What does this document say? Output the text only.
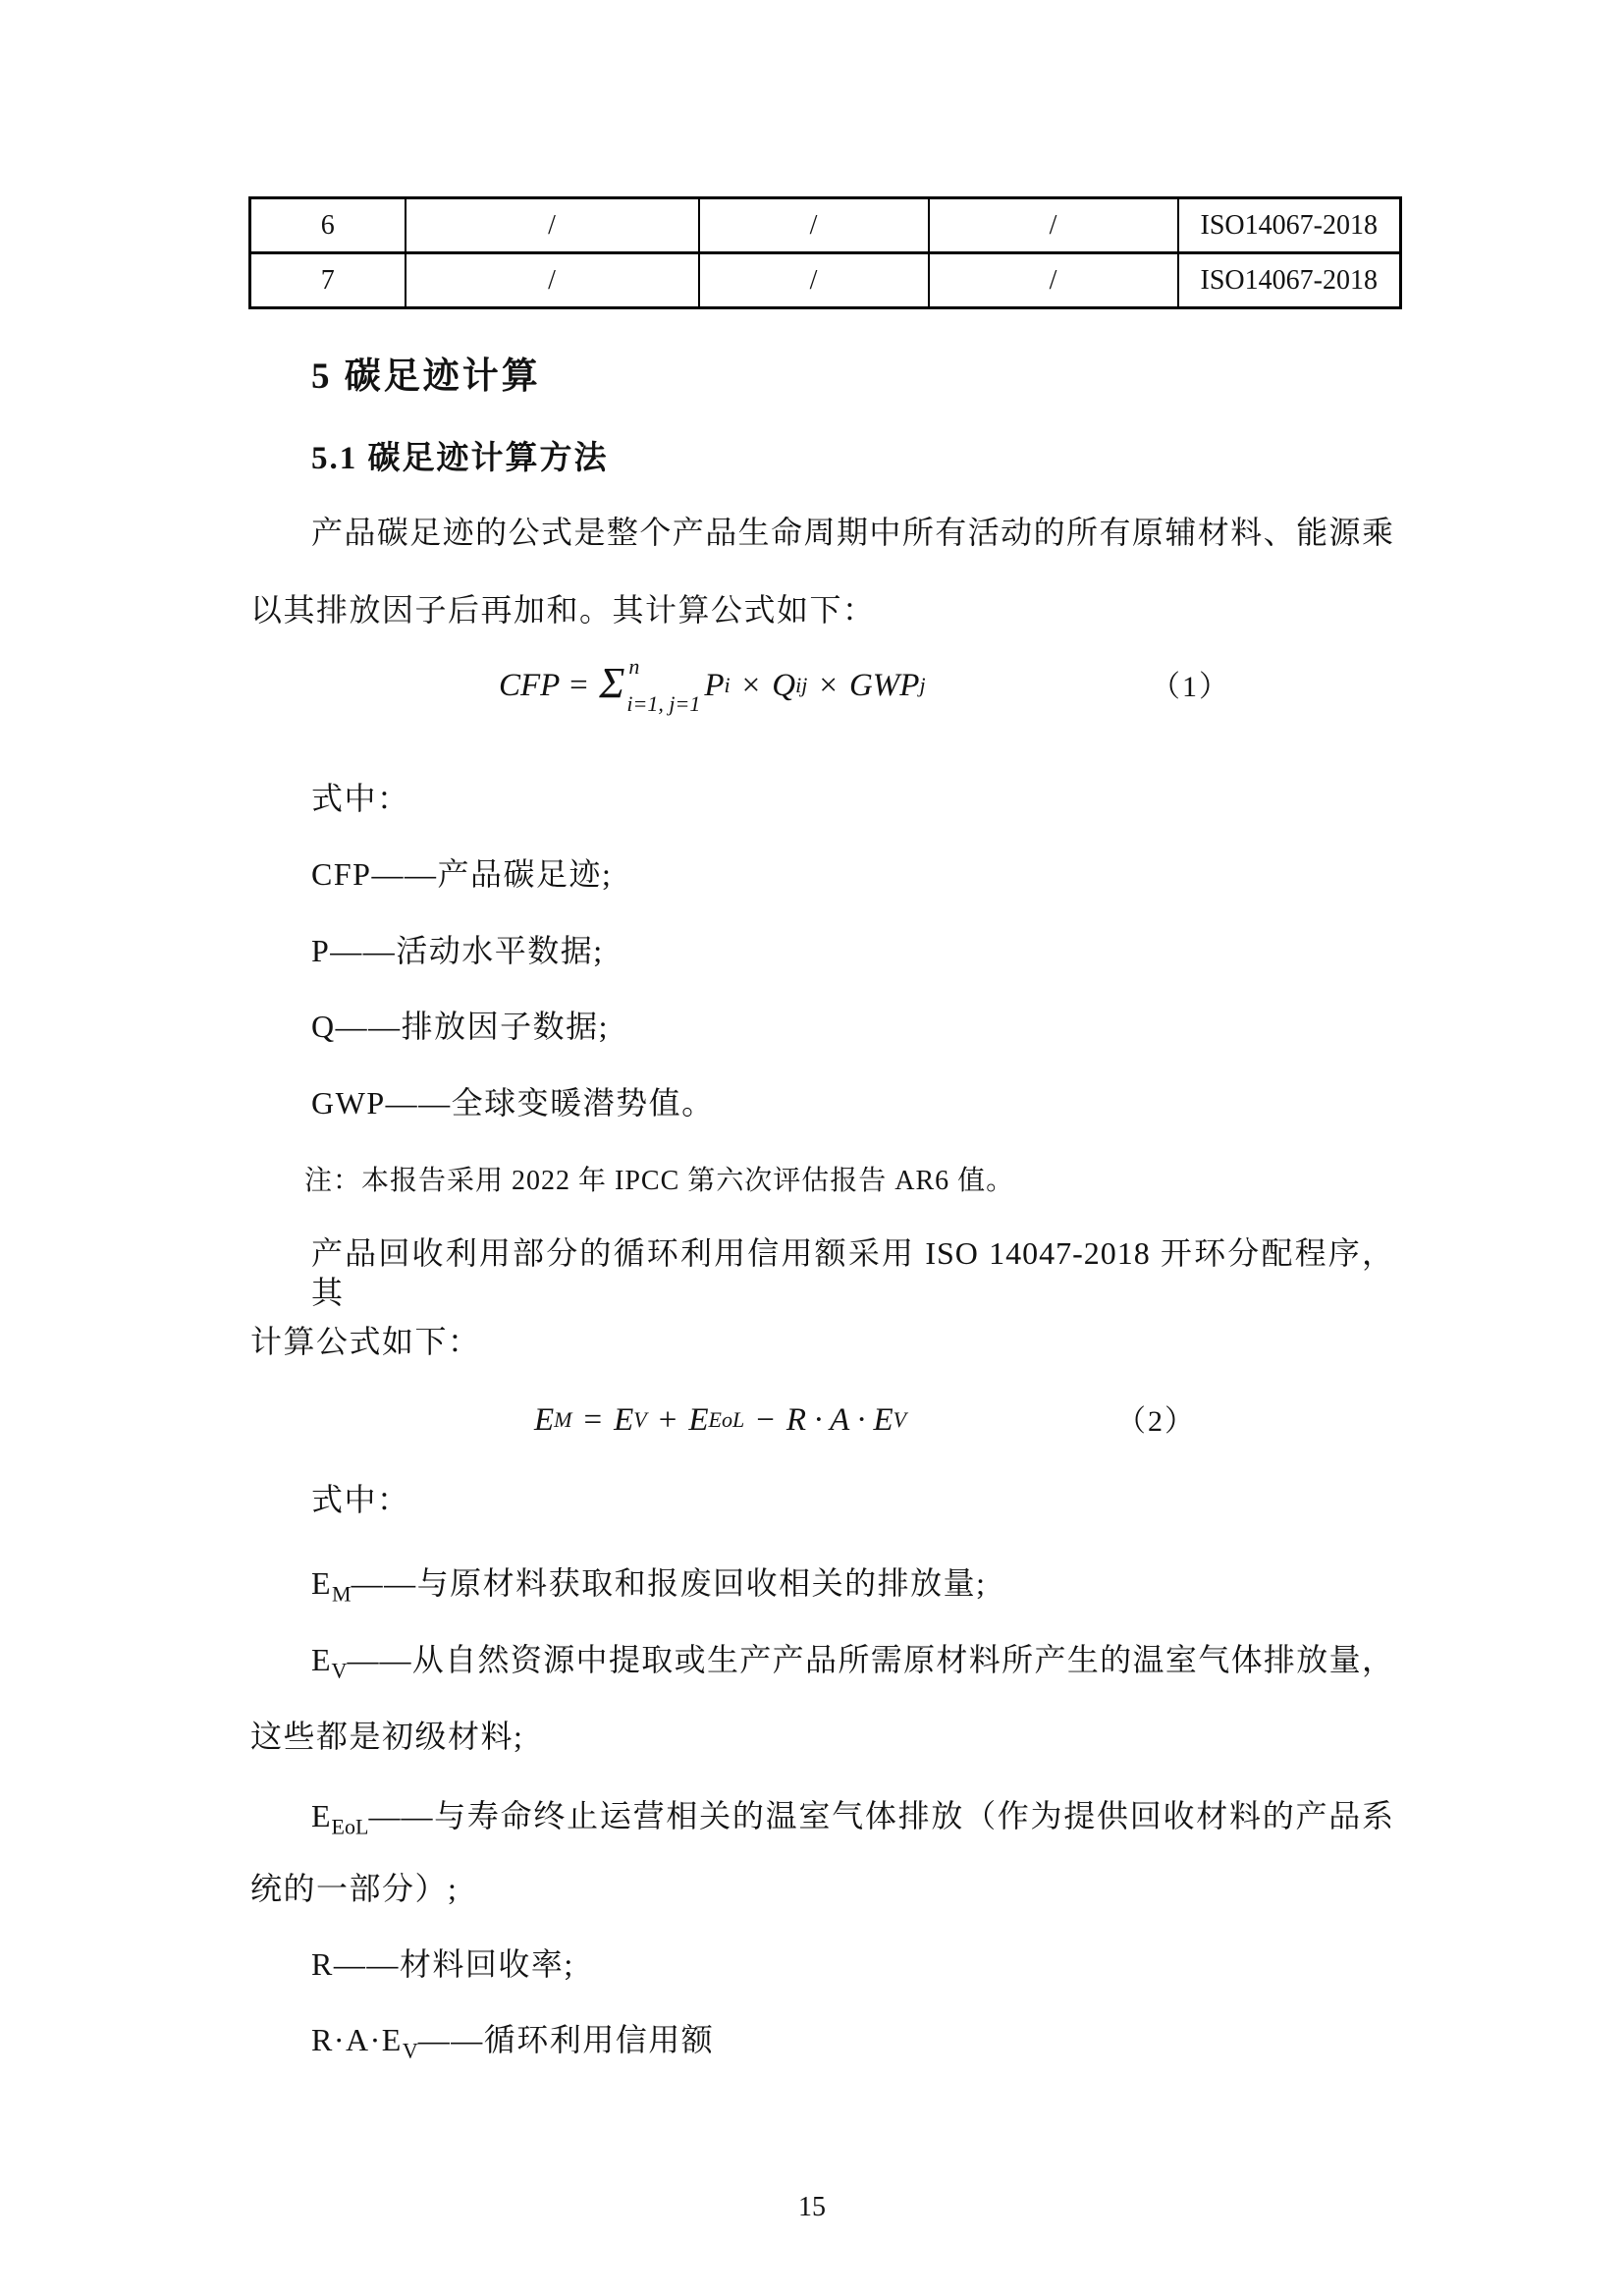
6	/	/	/	ISO14067-2018
7	/	/	/	ISO14067-2018
5 碳足迹计算
5.1 碳足迹计算方法
产品碳足迹的公式是整个产品生命周期中所有活动的所有原辅材料、能源乘
以其排放因子后再加和。其计算公式如下：
CFP = Σ n
i=1, j=1
P i × Q ij × GWP j	（1）
式中：
CFP——产品碳足迹;
P——活动水平数据;
Q——排放因子数据;
GWP——全球变暖潜势值。
注：本报告采用 2022 年 IPCC 第六次评估报告 AR6 值。
产品回收利用部分的循环利用信用额采用 ISO 14047-2018 开环分配程序，其
计算公式如下：
E M = E V + E EoL − R · A · E V	（2）
式中：
$E_M——$与原材料获取和报废回收相关的排放量;
$E_V——$从自然资源中提取或生产产品所需原材料所产生的温室气体排放量，
这些都是初级材料;
$E_{EoL}——$与寿命终止运营相关的温室气体排放（作为提供回收材料的产品系
统的一部分）;
R——材料回收率;
$R\cdot A\cdot E_V——$循环利用信用额
15
